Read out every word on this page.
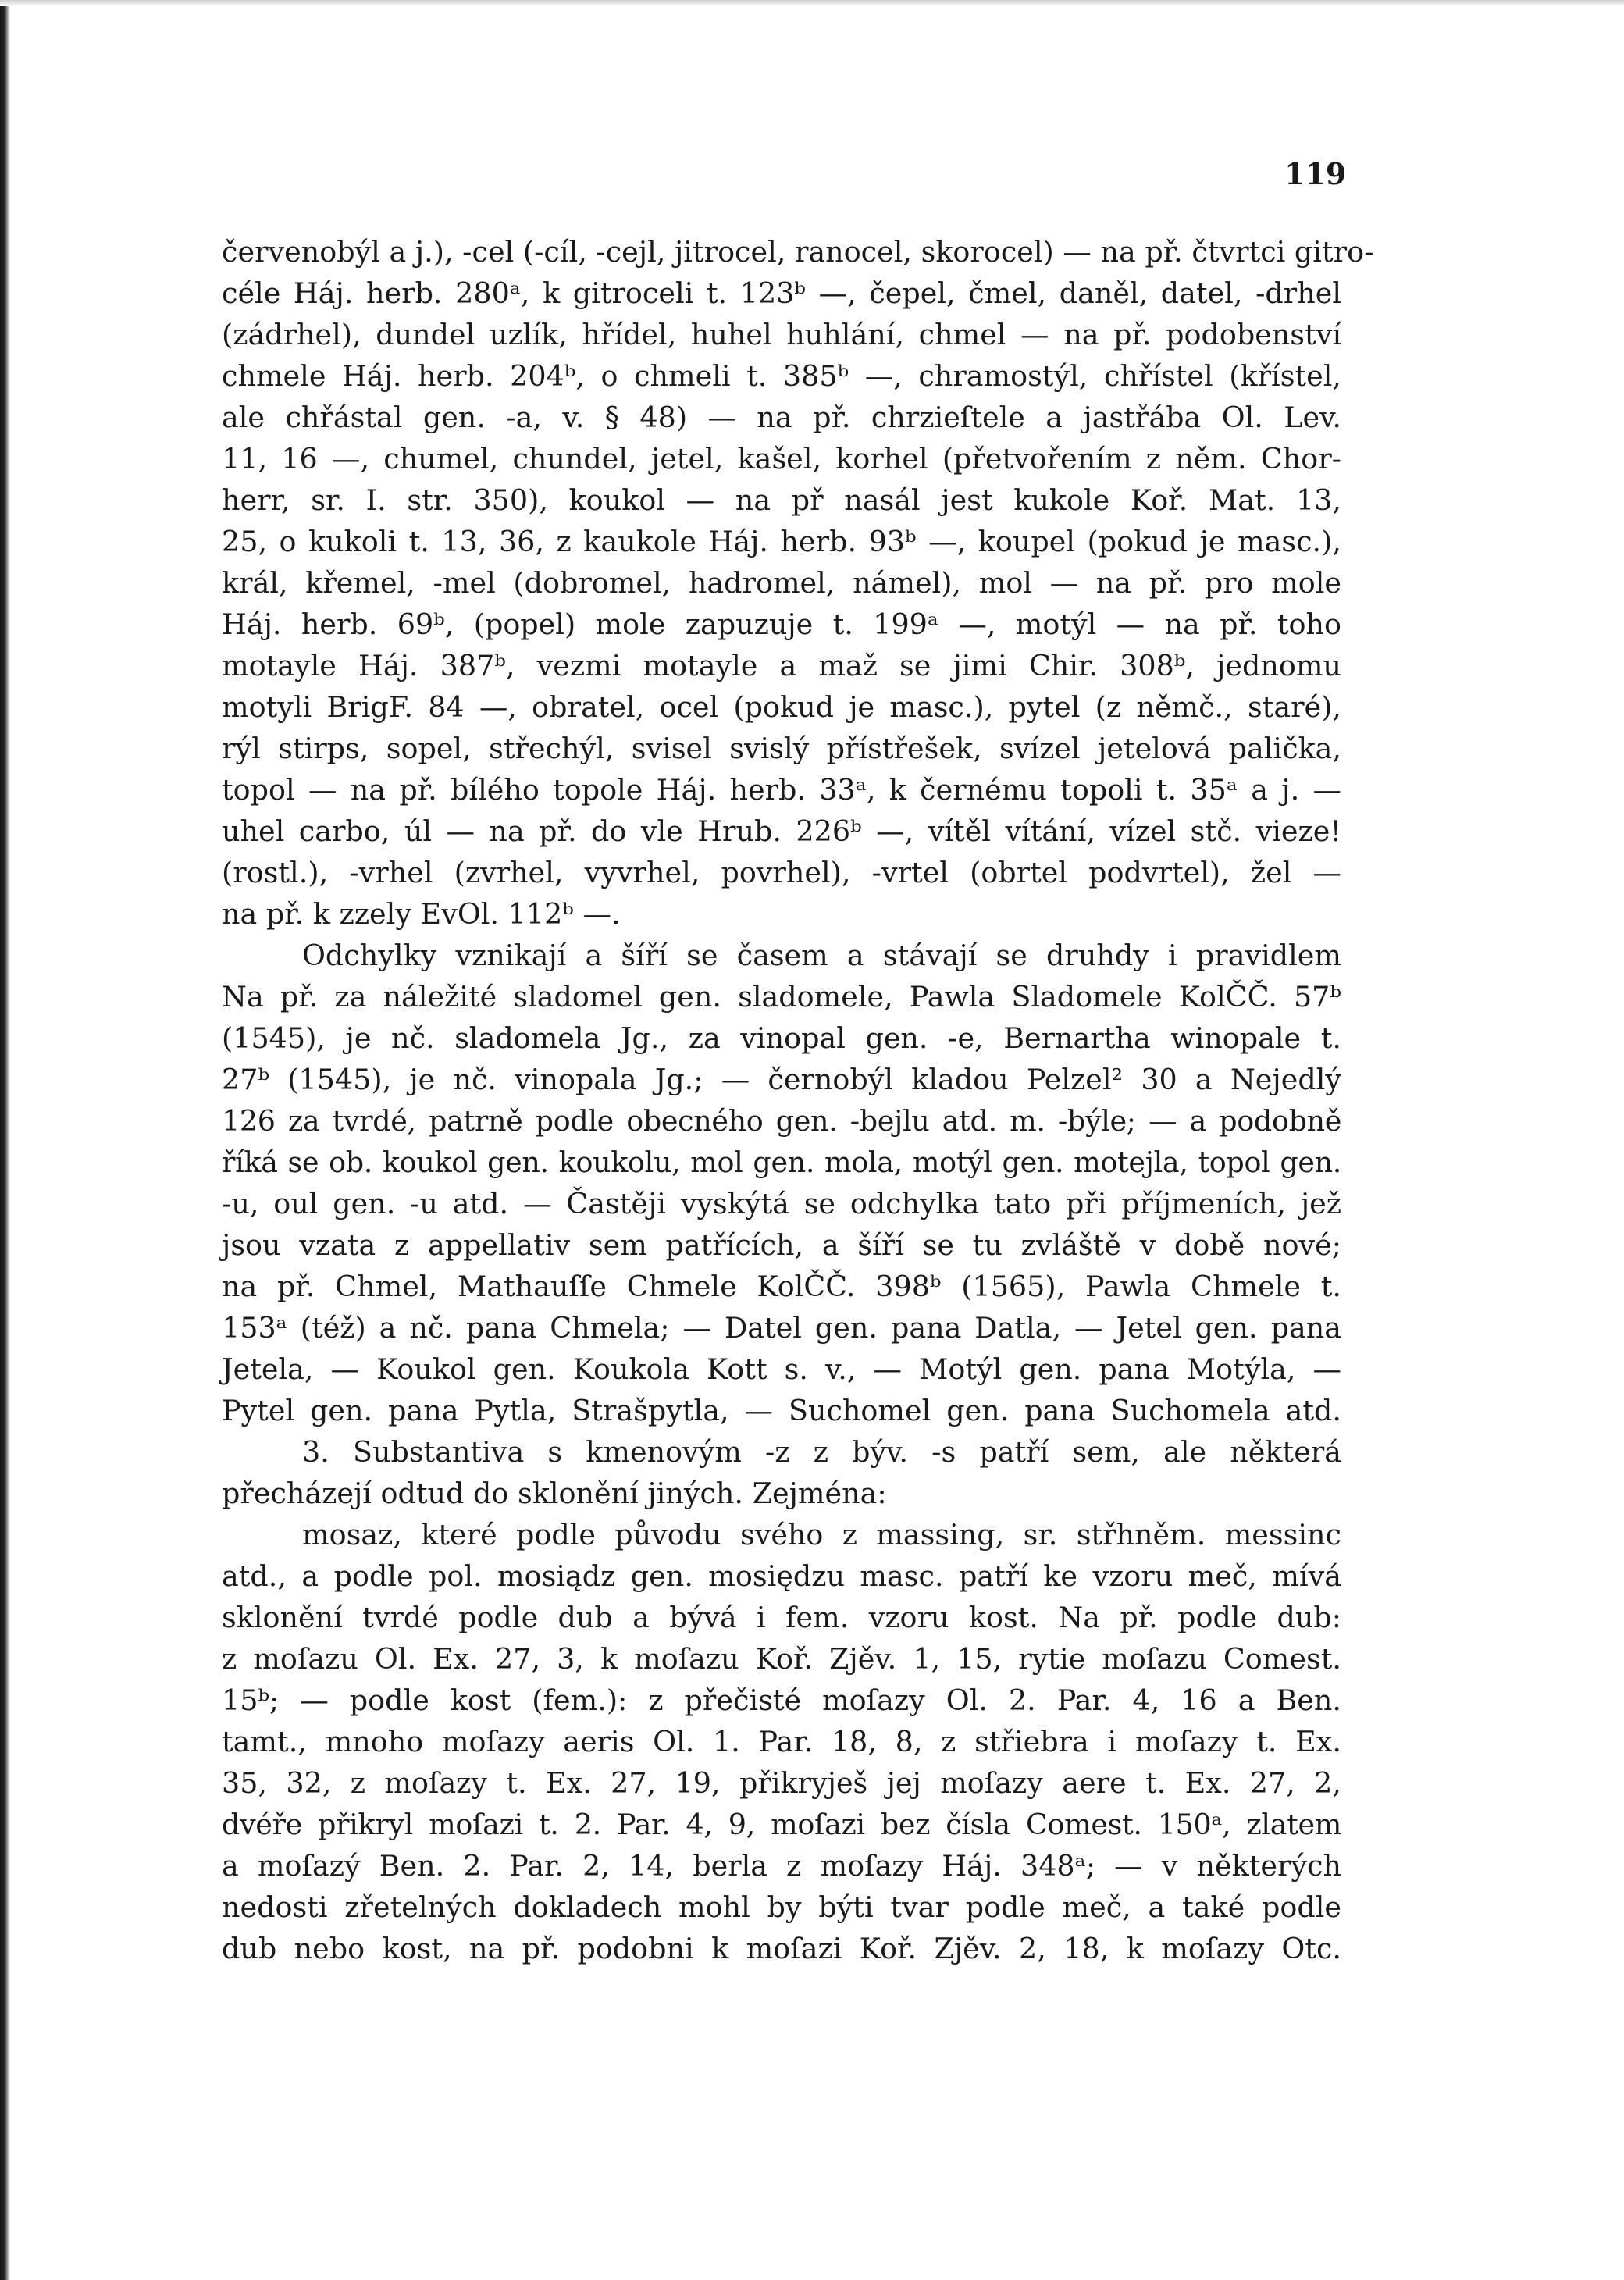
119
červenobýl a j.), -cel (-cíl, -cejl, jitrocel, ranocel, skorocel) — na př. čtvrtci gitro-
céle Háj. herb. 280ᵃ, k gitroceli t. 123ᵇ —, čepel, čmel, daněl, datel, -drhel
(zádrhel), dundel uzlík, hřídel, huhel huhlání, chmel — na př. podobenství
chmele Háj. herb. 204ᵇ, o chmeli t. 385ᵇ —, chramostýl, chřístel (křístel,
ale chřástal gen. -a, v. § 48) — na př. chrzieſtele a jastřába Ol. Lev.
11, 16 —, chumel, chundel, jetel, kašel, korhel (přetvořením z něm. Chor-
herr, sr. I. str. 350), koukol — na př nasál jest kukole Koř. Mat. 13,
25, o kukoli t. 13, 36, z kaukole Háj. herb. 93ᵇ —, koupel (pokud je masc.),
král, křemel, -mel (dobromel, hadromel, námel), mol — na př. pro mole
Háj. herb. 69ᵇ, (popel) mole zapuzuje t. 199ᵃ —, motýl — na př. toho
motayle Háj. 387ᵇ, vezmi motayle a maž se jimi Chir. 308ᵇ, jednomu
motyli BrigF. 84 —, obratel, ocel (pokud je masc.), pytel (z němč., staré),
rýl stirps, sopel, střechýl, svisel svislý přístřešek, svízel jetelová palička,
topol — na př. bílého topole Háj. herb. 33ᵃ, k černému topoli t. 35ᵃ a j. —
uhel carbo, úl — na př. do vle Hrub. 226ᵇ —, vítěl vítání, vízel stč. vieze!
(rostl.), -vrhel (zvrhel, vyvrhel, povrhel), -vrtel (obrtel podvrtel), žel —
na př. k zzely EvOl. 112ᵇ —.
Odchylky vznikají a šíří se časem a stávají se druhdy i pravidlem
Na př. za náležité sladomel gen. sladomele, Pawla Sladomele KolČČ. 57ᵇ
(1545), je nč. sladomela Jg., za vinopal gen. -e, Bernartha winopale t.
27ᵇ (1545), je nč. vinopala Jg.; — černobýl kladou Pelzel² 30 a Nejedlý
126 za tvrdé, patrně podle obecného gen. -bejlu atd. m. -býle; — a podobně
říká se ob. koukol gen. koukolu, mol gen. mola, motýl gen. motejla, topol gen.
-u, oul gen. -u atd. — Častěji vyskýtá se odchylka tato při příjmeních, jež
jsou vzata z appellativ sem patřících, a šíří se tu zvláště v době nové;
na př. Chmel, Mathauſſe Chmele KolČČ. 398ᵇ (1565), Pawla Chmele t.
153ᵃ (též) a nč. pana Chmela; — Datel gen. pana Datla, — Jetel gen. pana
Jetela, — Koukol gen. Koukola Kott s. v., — Motýl gen. pana Motýla, —
Pytel gen. pana Pytla, Strašpytla, — Suchomel gen. pana Suchomela atd.
3. Substantiva s kmenovým -z z býv. -ѕ patří sem, ale některá
přecházejí odtud do sklonění jiných. Zejména:
mosaz, které podle původu svého z massing, sr. střhněm. messinc
atd., a podle pol. mosiądz gen. mosiędzu masc. patří ke vzoru meč, mívá
sklonění tvrdé podle dub a bývá i fem. vzoru kost. Na př. podle dub:
z moſazu Ol. Ex. 27, 3, k moſazu Koř. Zjěv. 1, 15, rytie moſazu Comest.
15ᵇ; — podle kost (fem.): z přečisté moſazy Ol. 2. Par. 4, 16 a Ben.
tamt., mnoho moſazy aeris Ol. 1. Par. 18, 8, z střiebra i moſazy t. Ex.
35, 32, z moſazy t. Ex. 27, 19, přikryješ jej moſazy aere t. Ex. 27, 2,
dvéře přikryl moſazi t. 2. Par. 4, 9, moſazi bez čísla Comest. 150ᵃ, zlatem
a moſazý Ben. 2. Par. 2, 14, berla z moſazy Háj. 348ᵃ; — v některých
nedosti zřetelných dokladech mohl by býti tvar podle meč, a také podle
dub nebo kost, na př. podobni k moſazi Koř. Zjěv. 2, 18, k moſazy Otc.
